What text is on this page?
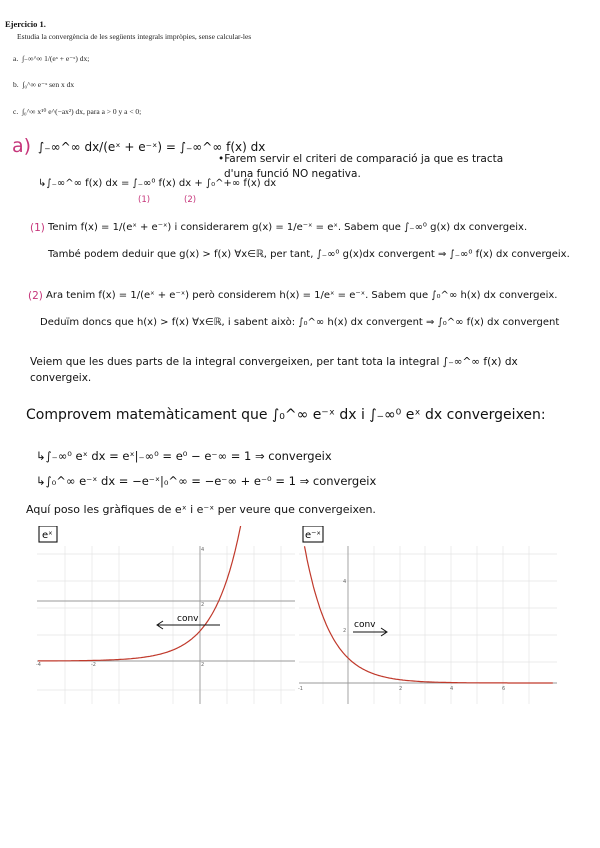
Ejercicio 1.
Estudia la convergència de les següents integrals impròpies, sense calcular-les
a. ∫₋∞^∞ 1/(eˣ + e⁻ˣ) dx;
b. ∫₀^∞ e⁻ˣ sen x dx
c. ∫₀^∞ x¹⁰ e^(−ax²) dx, para a > 0 y a < 0;
a) ∫₋∞^∞ dx/(eˣ + e⁻ˣ) = ∫₋∞^∞ f(x) dx
•Farem servir el criteri de comparació ja que es tracta
d'una funció NO negativa.
↳∫₋∞^∞ f(x) dx = ∫₋∞⁰ f(x) dx + ∫₀^+∞ f(x) dx
(1)	(2)
(1) Tenim f(x) = 1/(eˣ + e⁻ˣ) i considerarem g(x) = 1/e⁻ˣ = eˣ. Sabem que ∫₋∞⁰ g(x) dx convergeix.
També podem deduir que g(x) > f(x) ∀x∈ℝ, per tant, ∫₋∞⁰ g(x)dx convergent ⇒ ∫₋∞⁰ f(x) dx convergeix.
(2) Ara tenim f(x) = 1/(eˣ + e⁻ˣ) però considerem h(x) = 1/eˣ = e⁻ˣ. Sabem que ∫₀^∞ h(x) dx convergeix.
Deduïm doncs que h(x) > f(x) ∀x∈ℝ, i sabent això: ∫₀^∞ h(x) dx convergent ⇒ ∫₀^∞ f(x) dx convergent
Veiem que les dues parts de la integral convergeixen, per tant tota la integral ∫₋∞^∞ f(x) dx
convergeix.
Comprovem matemàticament que ∫₀^∞ e⁻ˣ dx i ∫₋∞⁰ eˣ dx convergeixen:
↳∫₋∞⁰ eˣ dx = eˣ|₋∞⁰ = e⁰ − e⁻∞ = 1 ⇒ convergeix
↳∫₀^∞ e⁻ˣ dx = −e⁻ˣ|₀^∞ = −e⁻∞ + e⁻⁰ = 1 ⇒ convergeix
Aquí poso les gràfiques de eˣ i e⁻ˣ per veure que convergeixen.
eˣ
-4	-2	2
4
2
conv
e⁻ˣ
-1	2	4	6
4
2
conv
